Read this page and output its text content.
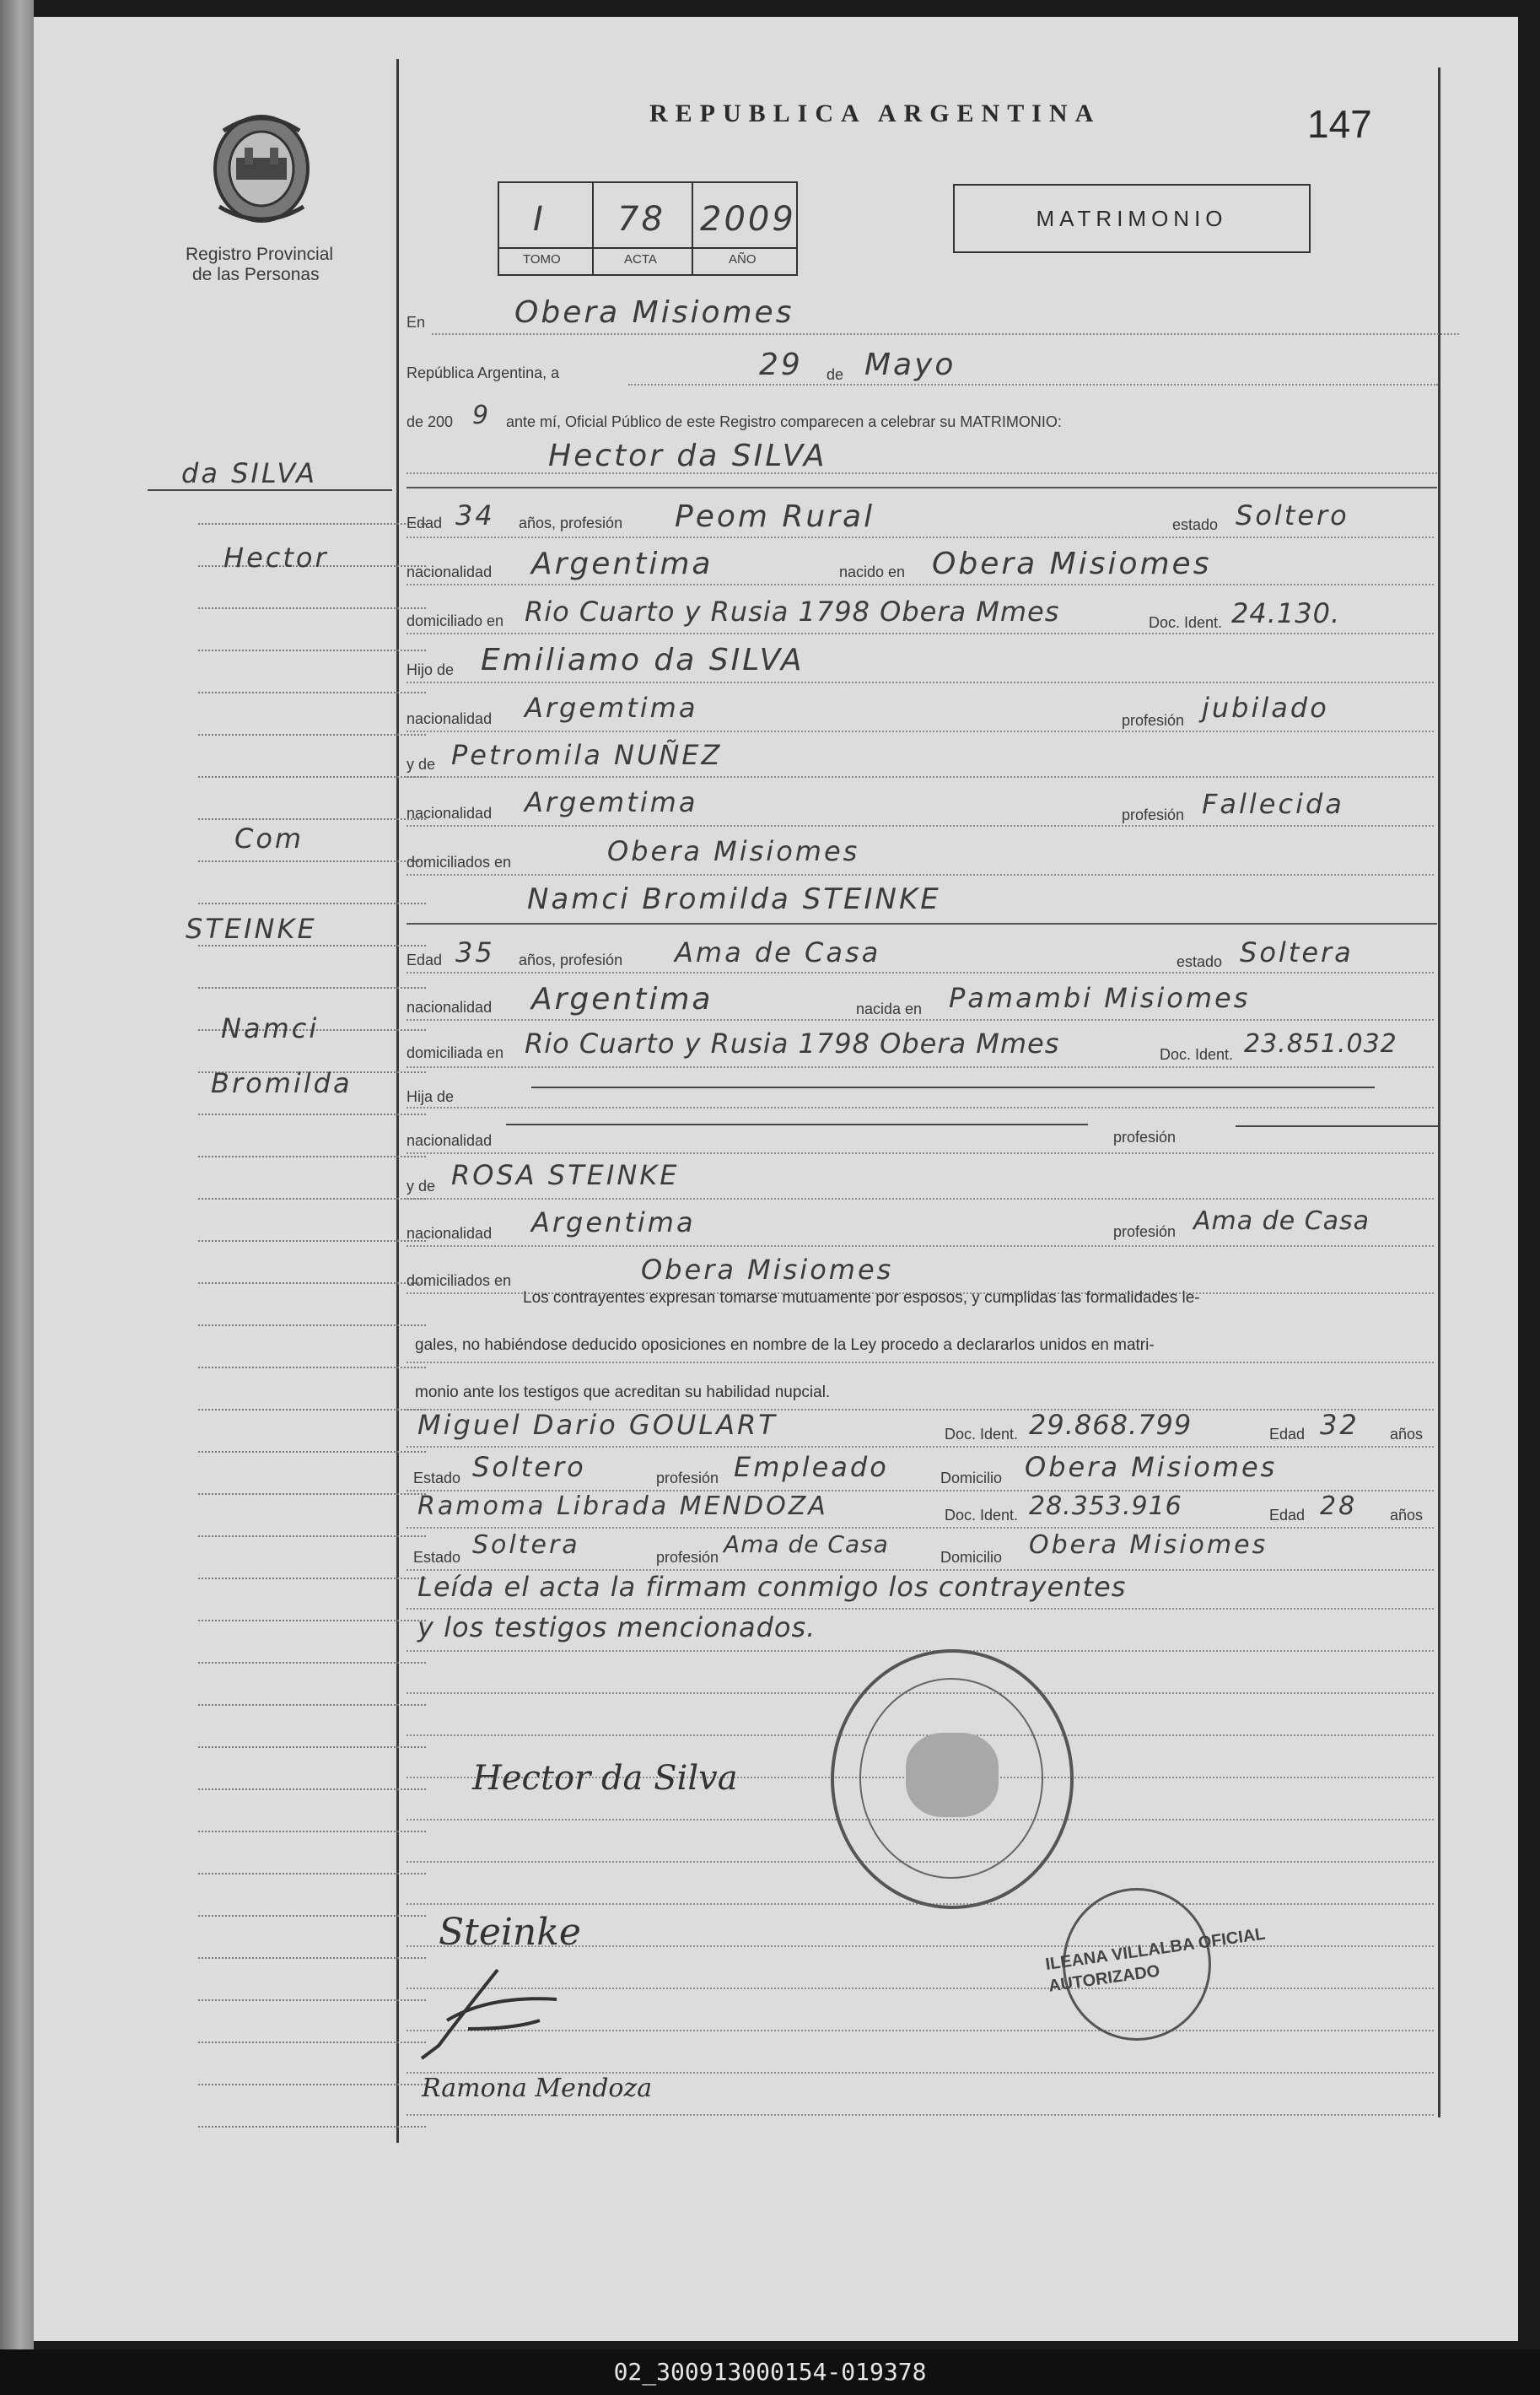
REPUBLICA ARGENTINA	147
Registro Provincial
de las Personas
I 78 2009
TOMO	ACTA	AÑO
MATRIMONIO
En	Obera Misiomes
República Argentina, a	29 de Mayo
de 200 9 ante mí, Oficial Público de este Registro comparecen a celebrar su MATRIMONIO:
Hector da SILVA
da SILVA
Hector
Com
STEINKE
Namci
Bromilda
Edad 34 años, profesión Peom Rural	estado Soltero
nacionalidad Argentima	nacido en Obera Misiomes
domiciliado en Rio Cuarto y Rusia 1798 Obera Mmes	Doc. Ident. 24.130.
Hijo de Emiliamo da SILVA
nacionalidad Argemtima	profesión jubilado
y de Petromila NUÑEZ
nacionalidad Argemtima	profesión Fallecida
domiciliados en	Obera Misiomes
Namci Bromilda STEINKE
Edad 35 años, profesión Ama de Casa	estado Soltera
nacionalidad Argentima	nacida en Pamambi Misiomes
domiciliada en Rio Cuarto y Rusia 1798 Obera Mmes	Doc. Ident. 23.851.032
Hija de
nacionalidad	profesión
y de ROSA STEINKE
nacionalidad Argentima	profesión Ama de Casa
domiciliados en	Obera Misiomes
Los contrayentes expresan tomarse mutuamente por esposos, y cumplidas las formalidades le-
gales, no habiéndose deducido oposiciones en nombre de la Ley procedo a declararlos unidos en matri-
monio ante los testigos que acreditan su habilidad nupcial.
Miguel Dario GOULART	Doc. Ident. 29.868.799	Edad 32 años
Estado Soltero	profesión Empleado	Domicilio Obera Misiomes
Ramoma Librada MENDOZA	Doc. Ident. 28.353.916	Edad 28 años
Estado Soltera	profesión Ama de Casa	Domicilio Obera Misiomes
Leída el acta la firmam conmigo los contrayentes
y los testigos mencionados.
Hector da Silva
Steinke
Ramona Mendoza
ILEANA VILLALBA OFICIAL AUTORIZADO
02_300913000154-019378
